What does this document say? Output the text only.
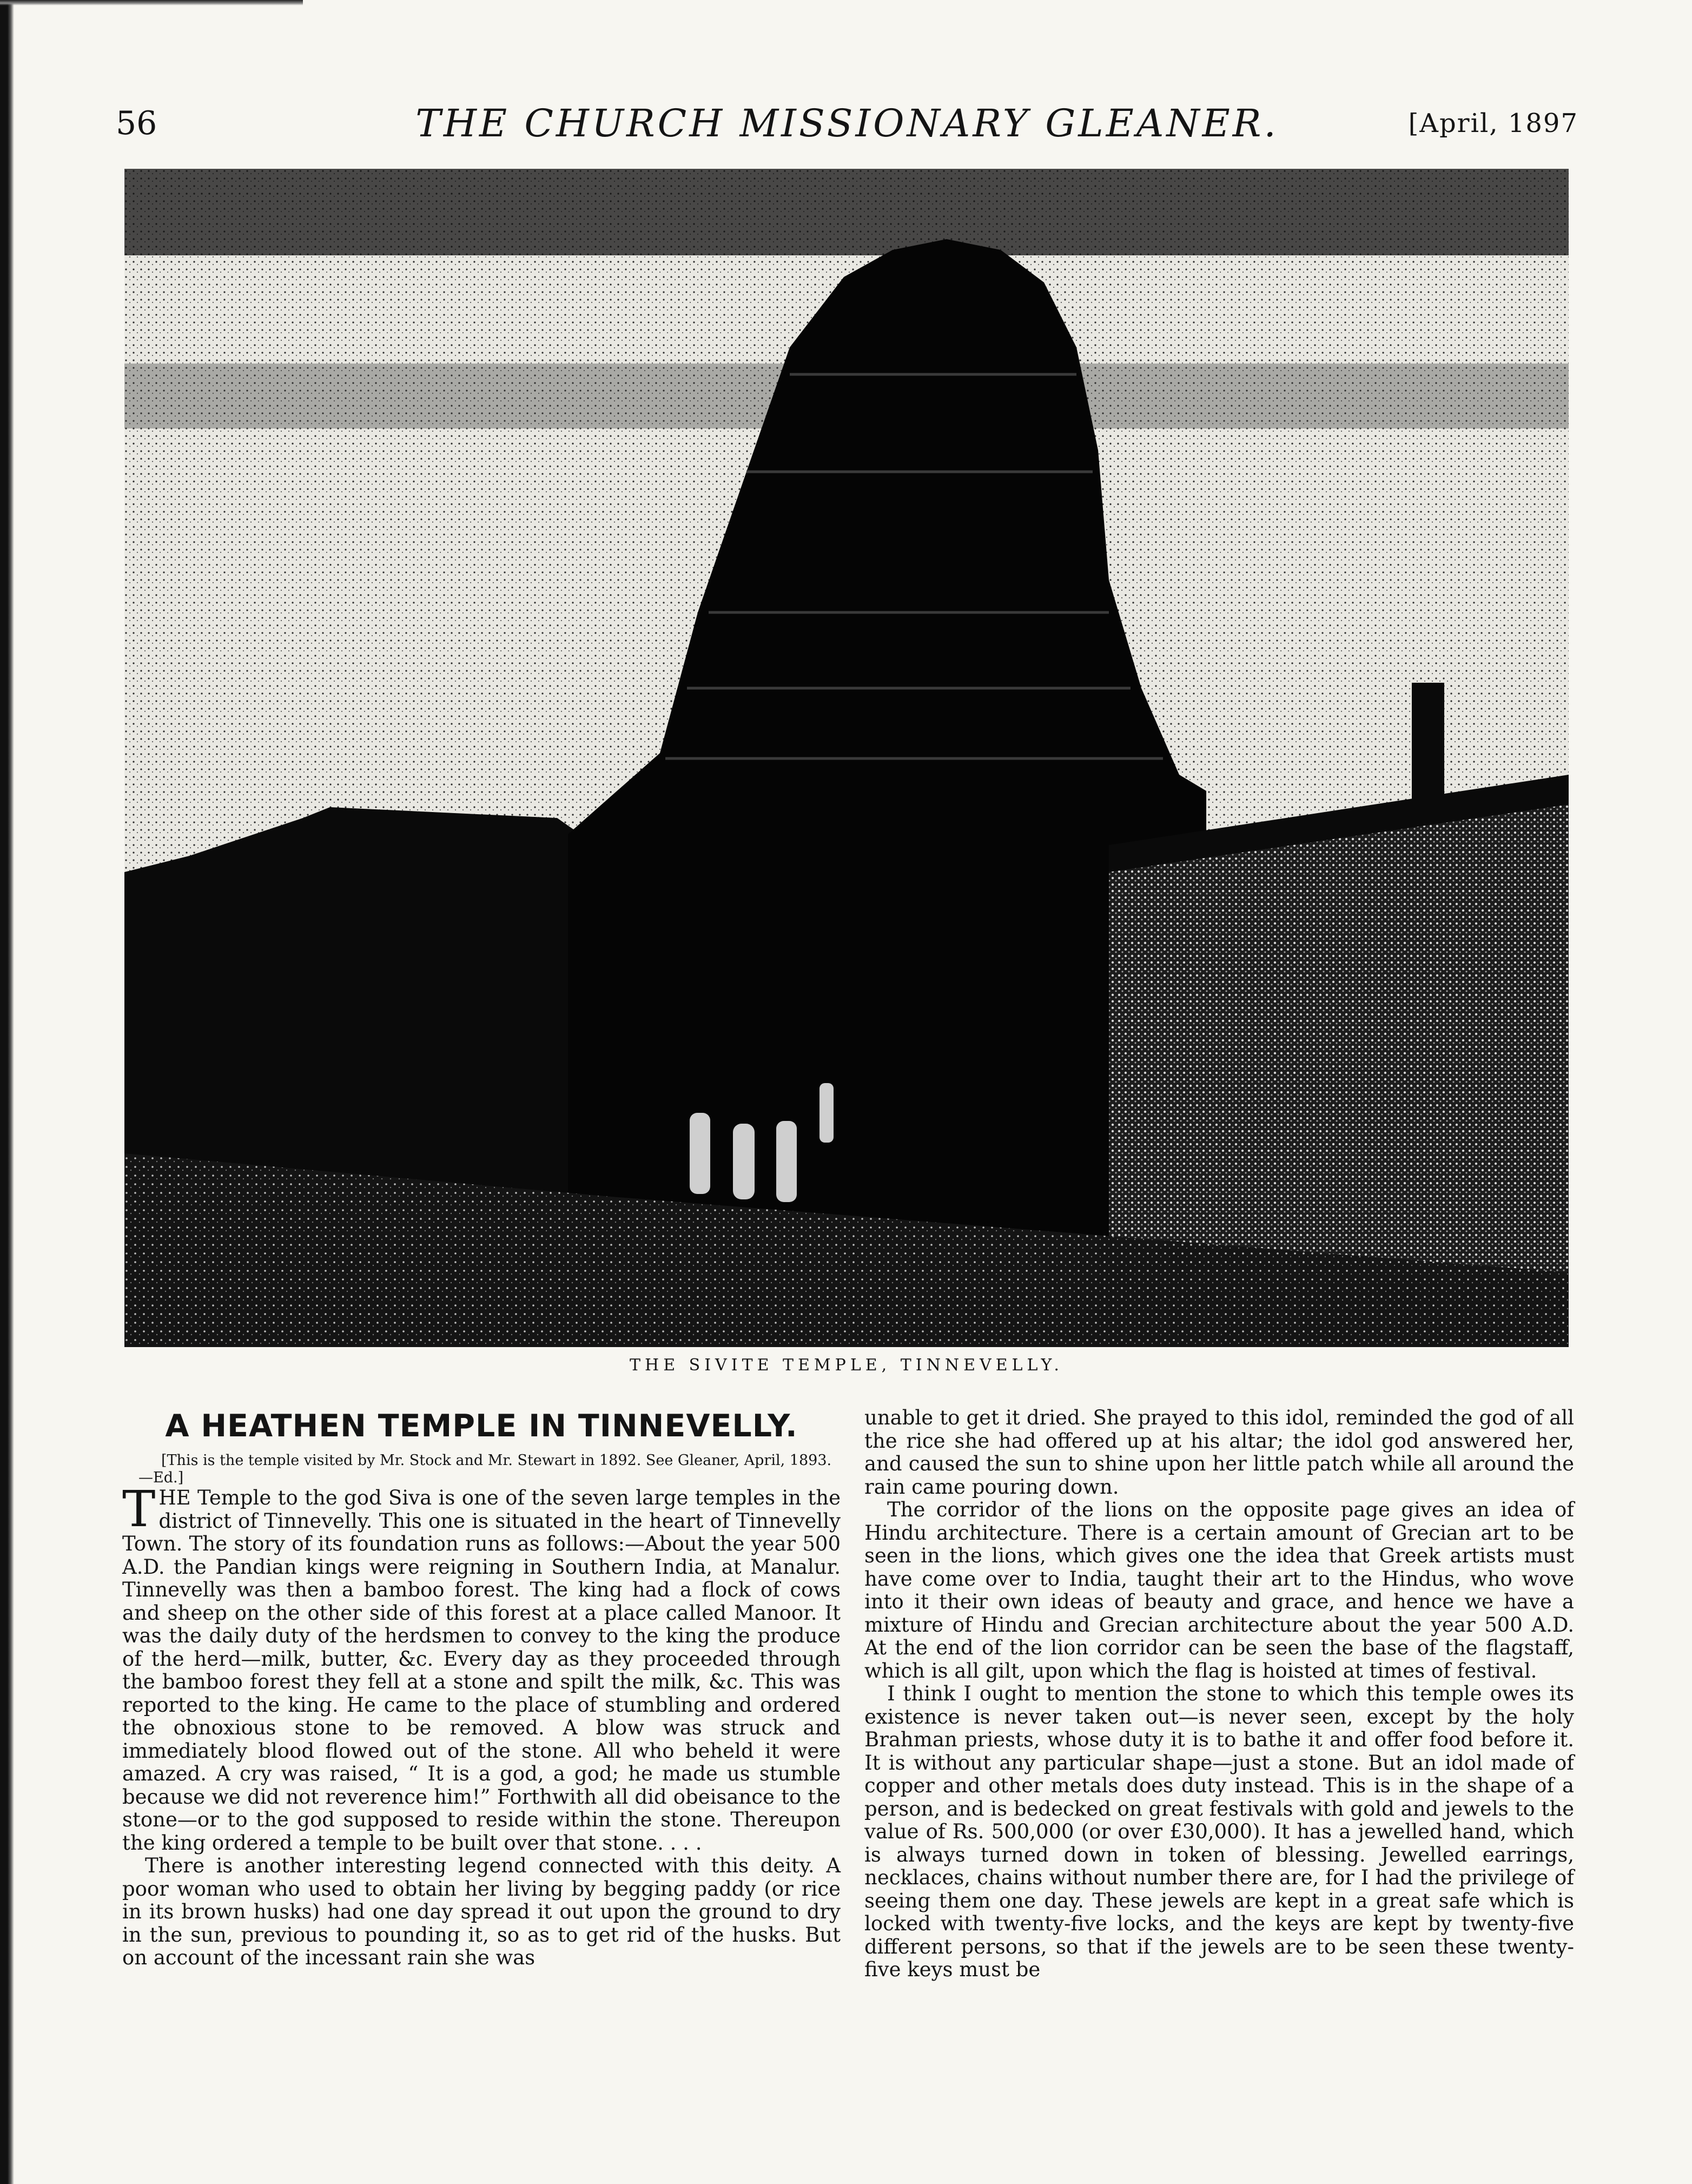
56	THE CHURCH MISSIONARY GLEANER.	[April, 1897
THE SIVITE TEMPLE, TINNEVELLY.
A HEATHEN TEMPLE IN TINNEVELLY.

[This is the temple visited by Mr. Stock and Mr. Stewart in 1892. See Gleaner, April, 1893.—Ed.]

THE Temple to the god Siva is one of the seven large temples in the district of Tinnevelly. This one is situated in the heart of Tinnevelly Town. The story of its foundation runs as follows:—About the year 500 A.D. the Pandian kings were reigning in Southern India, at Manalur. Tinnevelly was then a bamboo forest. The king had a flock of cows and sheep on the other side of this forest at a place called Manoor. It was the daily duty of the herdsmen to convey to the king the produce of the herd—milk, butter, &c. Every day as they proceeded through the bamboo forest they fell at a stone and spilt the milk, &c. This was reported to the king. He came to the place of stumbling and ordered the obnoxious stone to be removed. A blow was struck and immediately blood flowed out of the stone. All who beheld it were amazed. A cry was raised, “ It is a god, a god; he made us stumble because we did not reverence him!” Forthwith all did obeisance to the stone—or to the god supposed to reside within the stone. Thereupon the king ordered a temple to be built over that stone. . . .

There is another interesting legend connected with this deity. A poor woman who used to obtain her living by begging paddy (or rice in its brown husks) had one day spread it out upon the ground to dry in the sun, previous to pounding it, so as to get rid of the husks. But on account of the incessant rain she was

unable to get it dried. She prayed to this idol, reminded the god of all the rice she had offered up at his altar; the idol god answered her, and caused the sun to shine upon her little patch while all around the rain came pouring down.

The corridor of the lions on the opposite page gives an idea of Hindu architecture. There is a certain amount of Grecian art to be seen in the lions, which gives one the idea that Greek artists must have come over to India, taught their art to the Hindus, who wove into it their own ideas of beauty and grace, and hence we have a mixture of Hindu and Grecian architecture about the year 500 A.D. At the end of the lion corridor can be seen the base of the flagstaff, which is all gilt, upon which the flag is hoisted at times of festival.

I think I ought to mention the stone to which this temple owes its existence is never taken out—is never seen, except by the holy Brahman priests, whose duty it is to bathe it and offer food before it. It is without any particular shape—just a stone. But an idol made of copper and other metals does duty instead. This is in the shape of a person, and is bedecked on great festivals with gold and jewels to the value of Rs. 500,000 (or over £30,000). It has a jewelled hand, which is always turned down in token of blessing. Jewelled earrings, necklaces, chains without number there are, for I had the privilege of seeing them one day. These jewels are kept in a great safe which is locked with twenty-five locks, and the keys are kept by twenty-five different persons, so that if the jewels are to be seen these twenty-five keys must be
